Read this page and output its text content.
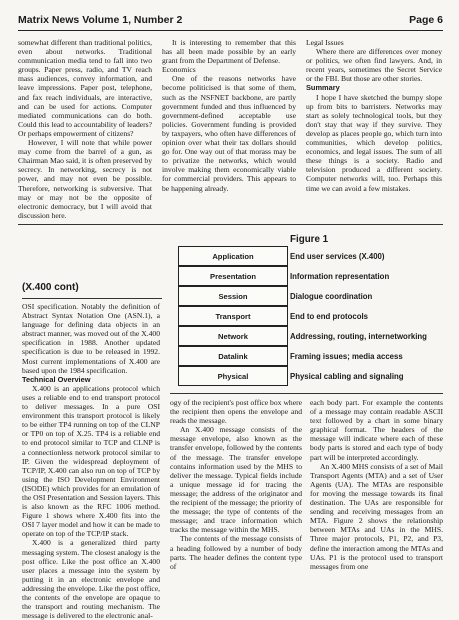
Matrix News Volume 1, Number 2	Page 6

somewhat different than traditional politics, even about networks. Traditional communication media tend to fall into two groups. Paper press, radio, and TV reach mass audiences, convey information, and leave impressions. Paper post, telephone, and fax reach individuals, are interactive, and can be used for actions. Computer mediated communications can do both. Could this lead to accountability of leaders? Or perhaps empowerment of citizens?

However, I will note that while power may come from the barrel of a gun, as Chairman Mao said, it is often preserved by secrecy. In networking, secrecy is not power, and may not even be possible. Therefore, networking is subversive. That may or may not be the opposite of electronic democracy, but I will avoid that discussion here.

It is interesting to remember that this has all been made possible by an early grant from the Department of Defense.

Economics

One of the reasons networks have become politicised is that some of them, such as the NSFNET backbone, are partly government funded and thus influenced by government-defined acceptable use policies. Government funding is provided by taxpayers, who often have differences of opinion over what their tax dollars should go for. One way out of that morass may be to privatize the networks, which would involve making them economically viable for commercial providers. This appears to be happening already.

Legal Issues

Where there are differences over money or politics, we often find lawyers. And, in recent years, sometimes the Secret Service or the FBI. But those are other stories.

Summary

I hope I have sketched the bumpy slope up from bits to barristers. Networks may start as solely technological tools, but they don't stay that way if they survive. They develop as places people go, which turn into communities, which develop politics, economics, and legal issues. The sum of all these things is a society. Radio and television produced a different society. Computer networks will, too. Perhaps this time we can avoid a few mistakes.

(X.400 cont)

OSI specification. Notably the definition of Abstract Syntax Notation One (ASN.1), a language for defining data objects in an abstract manner, was moved out of the X.400 specification in 1988. Another updated specification is due to be released in 1992. Most current implementations of X.400 are based upon the 1984 specification.

Technical Overview

X.400 is an applications protocol which uses a reliable end to end transport protocol to deliver messages. In a pure OSI environment this transport protocol is likely to be either TP4 running on top of the CLNP or TP0 on top of X.25. TP4 is a reliable end to end protocol similar to TCP and CLNP is a connectionless network protocol similar to IP. Given the widespread deployment of TCP/IP, X.400 can also run on top of TCP by using the ISO Development Environment (ISODE) which provides for an emulation of the OSI Presentation and Session layers. This is also known as the RFC 1006 method. Figure 1 shows where X.400 fits into the OSI 7 layer model and how it can be made to operate on top of the TCP/IP stack.

X.400 is a generalized third party messaging system. The closest analogy is the post office. Like the post office an X.400 user places a message into the system by putting it in an electronic envelope and addressing the envelope. Like the post office, the contents of the envelope are opaque to the transport and routing mechanism. The message is delivered to the electronic anal-

Figure 1
Application
Presentation
Session
Transport
Network
Datalink
Physical
End user services (X.400)
Information representation
Dialogue coordination
End to end protocols
Addressing, routing, internetworking
Framing issues; media access
Physical cabling and signaling

ogy of the recipient's post office box where the recipient then opens the envelope and reads the message.

An X.400 message consists of the message envelope, also known as the transfer envelope, followed by the contents of the message. The transfer envelope contains information used by the MHS to deliver the message. Typical fields include a unique message id for tracing the message; the address of the originator and the recipient of the message; the priority of the message; the type of contents of the message; and trace information which tracks the message within the MHS.

The contents of the message consists of a heading followed by a number of body parts. The header defines the content type of

each body part. For example the contents of a message may contain readable ASCII text followed by a chart in some binary graphical format. The headers of the message will indicate where each of these body parts is stored and each type of body part will be interpreted accordingly.

An X.400 MHS consists of a set of Mail Transport Agents (MTA) and a set of User Agents (UA). The MTAs are responsible for moving the message towards its final destination. The UAs are responsible for sending and receiving messages from an MTA. Figure 2 shows the relationship between MTAs and UAs in the MHS. Three major protocols, P1, P2, and P3, define the interaction among the MTAs and UAs. P1 is the protocol used to transport messages from one
